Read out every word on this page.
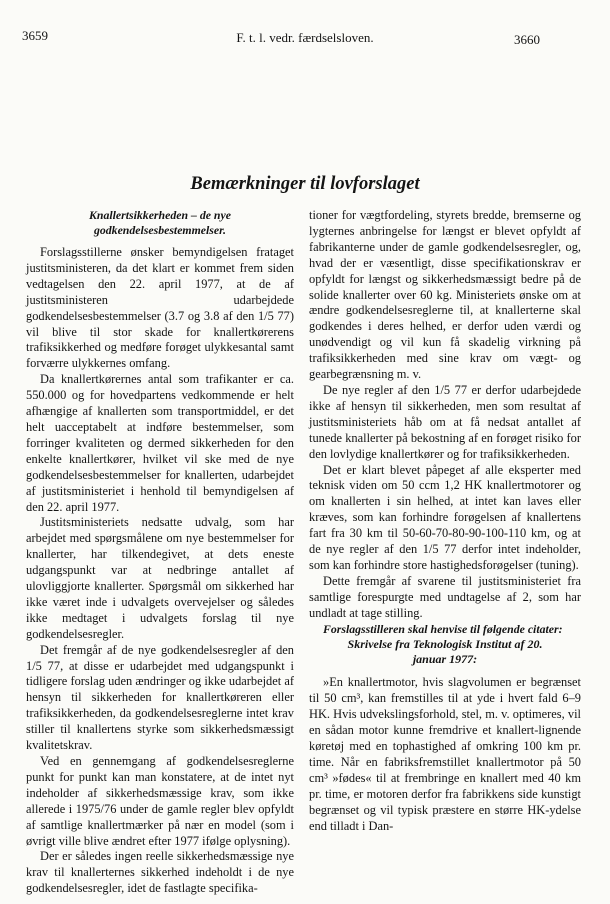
3659	F. t. l. vedr. færdselsloven.	3660
Bemærkninger til lovforslaget
Knallertsikkerheden – de nye godkendelsesbestemmelser.

Forslagsstillerne ønsker bemyndigelsen frataget justitsministeren, da det klart er kommet frem siden vedtagelsen den 22. april 1977, at de af justitsministeren udarbejdede godkendelsesbestemmelser (3.7 og 3.8 af den 1/5 77) vil blive til stor skade for knallertkørerens trafiksikkerhed og medføre forøget ulykkesantal samt forværre ulykkernes omfang.

Da knallertkørernes antal som trafikanter er ca. 550.000 og for hovedpartens vedkommende er helt afhængige af knallerten som transportmiddel, er det helt uacceptabelt at indføre bestemmelser, som forringer kvaliteten og dermed sikkerheden for den enkelte knallertkører, hvilket vil ske med de nye godkendelsesbestemmelser for knallerten, udarbejdet af justitsministeriet i henhold til bemyndigelsen af den 22. april 1977.

Justitsministeriets nedsatte udvalg, som har arbejdet med spørgsmålene om nye bestemmelser for knallerter, har tilkendegivet, at dets eneste udgangspunkt var at nedbringe antallet af ulovliggjorte knallerter. Spørgsmål om sikkerhed har ikke været inde i udvalgets overvejelser og således ikke medtaget i udvalgets forslag til nye godkendelsesregler.

Det fremgår af de nye godkendelsesregler af den 1/5 77, at disse er udarbejdet med udgangspunkt i tidligere forslag uden ændringer og ikke udarbejdet af hensyn til sikkerheden for knallertkøreren eller trafiksikkerheden, da godkendelsesreglerne intet krav stiller til knallertens styrke som sikkerhedsmæssigt kvalitetskrav.

Ved en gennemgang af godkendelsesreglerne punkt for punkt kan man konstatere, at de intet nyt indeholder af sikkerhedsmæssige krav, som ikke allerede i 1975/76 under de gamle regler blev opfyldt af samtlige knallertmærker på nær en model (som i øvrigt ville blive ændret efter 1977 ifølge oplysning).

Der er således ingen reelle sikkerhedsmæssige nye krav til knallerternes sikkerhed indeholdt i de nye godkendelsesregler, idet de fastlagte specifika-

tioner for vægtfordeling, styrets bredde, bremserne og lygternes anbringelse for længst er blevet opfyldt af fabrikanterne under de gamle godkendelsesregler, og, hvad der er væsentligt, disse specifikationskrav er opfyldt for længst og sikkerhedsmæssigt bedre på de solide knallerter over 60 kg. Ministeriets ønske om at ændre godkendelsesreglerne til, at knallerterne skal godkendes i deres helhed, er derfor uden værdi og unødvendigt og vil kun få skadelig virkning på trafiksikkerheden med sine krav om vægt- og gearbegrænsning m. v.

De nye regler af den 1/5 77 er derfor udarbejdede ikke af hensyn til sikkerheden, men som resultat af justitsministeriets håb om at få nedsat antallet af tunede knallerter på bekostning af en forøget risiko for den lovlydige knallertkører og for trafiksikkerheden.

Det er klart blevet påpeget af alle eksperter med teknisk viden om 50 ccm 1,2 HK knallertmotorer og om knallerten i sin helhed, at intet kan laves eller kræves, som kan forhindre forøgelsen af knallertens fart fra 30 km til 50-60-70-80-90-100-110 km, og at de nye regler af den 1/5 77 derfor intet indeholder, som kan forhindre store hastighedsforøgelser (tuning).

Dette fremgår af svarene til justitsministeriet fra samtlige forespurgte med undtagelse af 2, som har undladt at tage stilling.

Forslagsstilleren skal henvise til følgende citater:

Skrivelse fra Teknologisk Institut af 20. januar 1977:

»En knallertmotor, hvis slagvolumen er begrænset til 50 cm³, kan fremstilles til at yde i hvert fald 6–9 HK. Hvis udvekslingsforhold, stel, m. v. optimeres, vil en sådan motor kunne fremdrive et knallert-lignende køretøj med en tophastighed af omkring 100 km pr. time. Når en fabriksfremstillet knallertmotor på 50 cm³ »fødes« til at frembringe en knallert med 40 km pr. time, er motoren derfor fra fabrikkens side kunstigt begrænset og vil typisk præstere en større HK-ydelse end tilladt i Dan-
